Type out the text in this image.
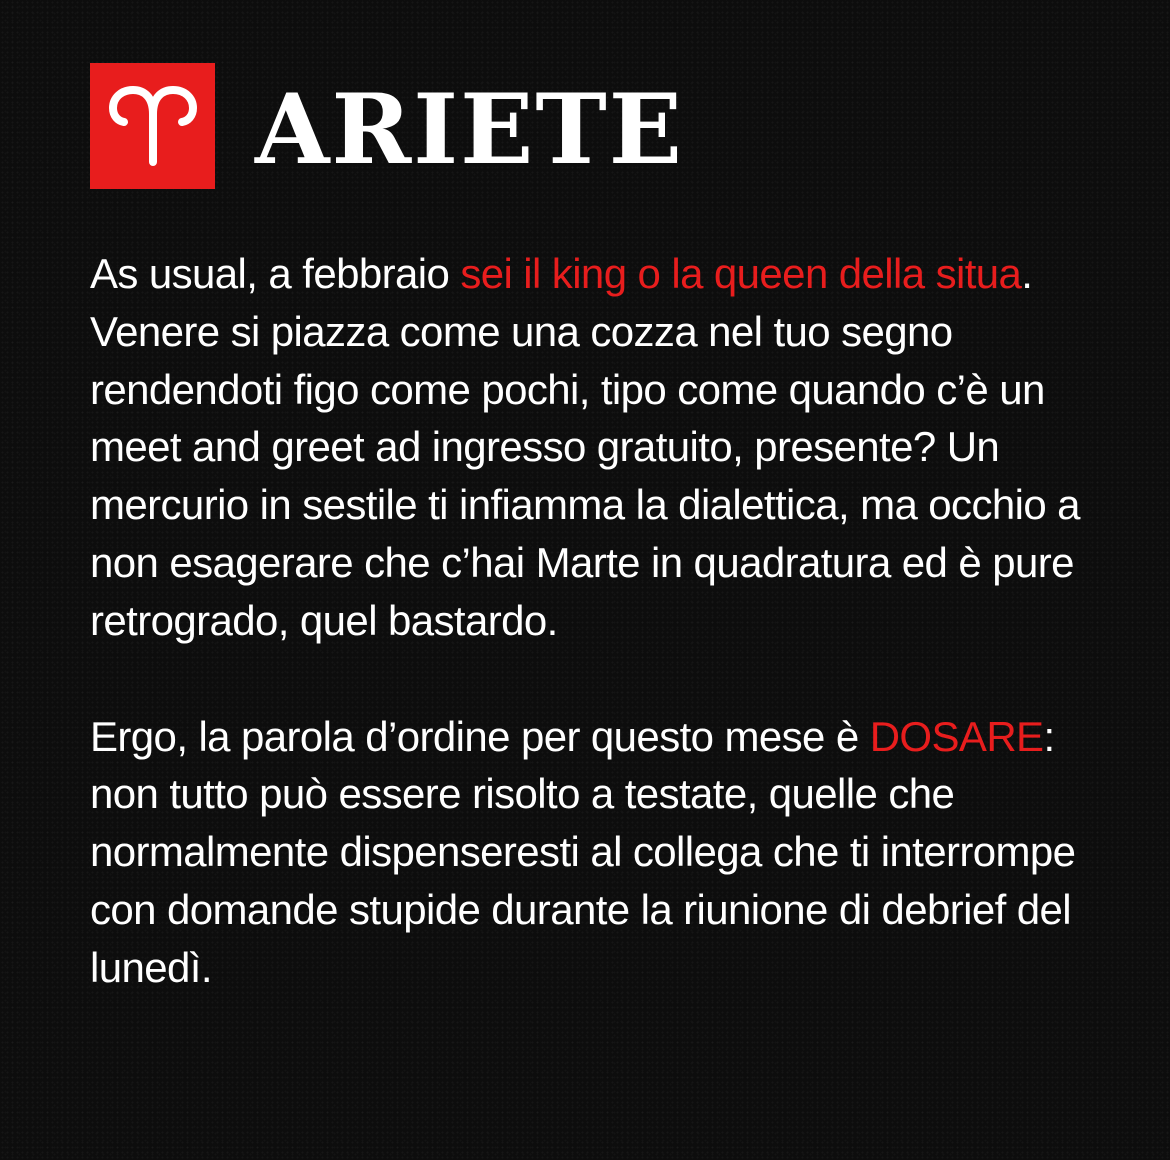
ARIETE

As usual, a febbraio sei il king o la queen della situa. Venere si piazza come una cozza nel tuo segno rendendoti figo come pochi, tipo come quando c’è un meet and greet ad ingresso gratuito, presente? Un mercurio in sestile ti infiamma la dialettica, ma occhio a non esagerare che c’hai Marte in quadratura ed è pure retrogrado, quel bastardo.

Ergo, la parola d’ordine per questo mese è DOSARE: non tutto può essere risolto a testate, quelle che normalmente dispenseresti al collega che ti interrompe con domande stupide durante la riunione di debrief del lunedì.
